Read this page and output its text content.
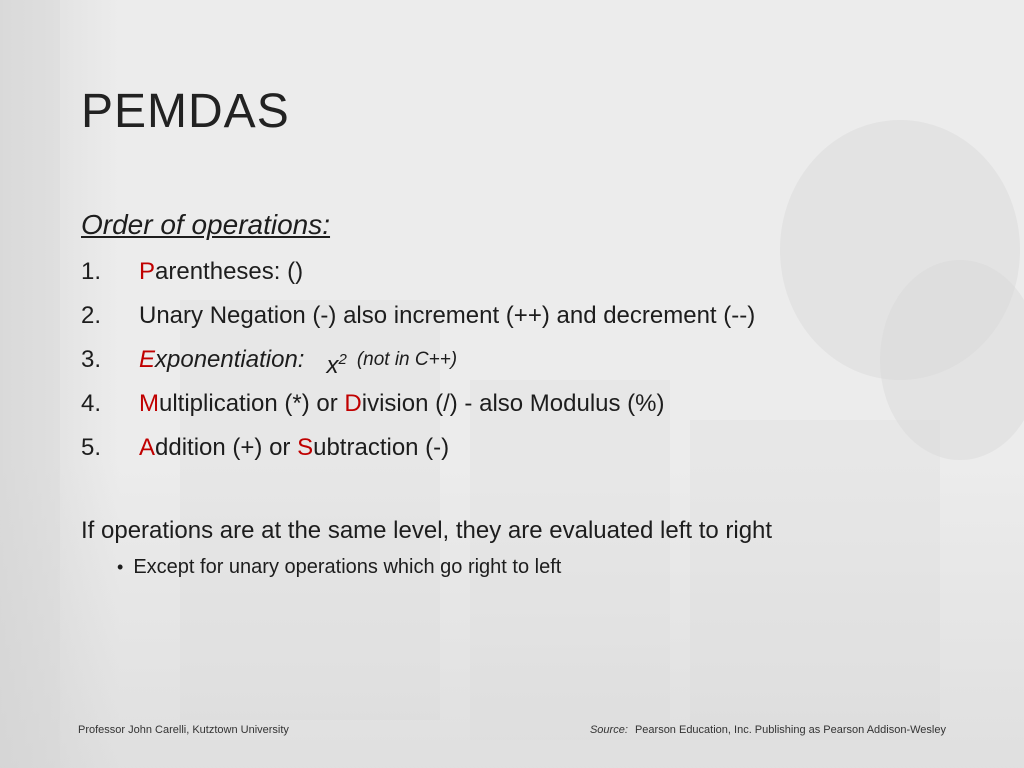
PEMDAS
Order of operations:
1.	Parentheses: ()
2.	Unary Negation (-) also increment (++) and decrement (--)
3.	Exponentiation: $x^2$ (not in C++)
4.	Multiplication (*) or Division (/) - also Modulus (%)
5.	Addition (+) or Subtraction (-)
If operations are at the same level, they are evaluated left to right
• Except for unary operations which go right to left
Professor John Carelli, Kutztown University	Source: Pearson Education, Inc. Publishing as Pearson Addison-Wesley
